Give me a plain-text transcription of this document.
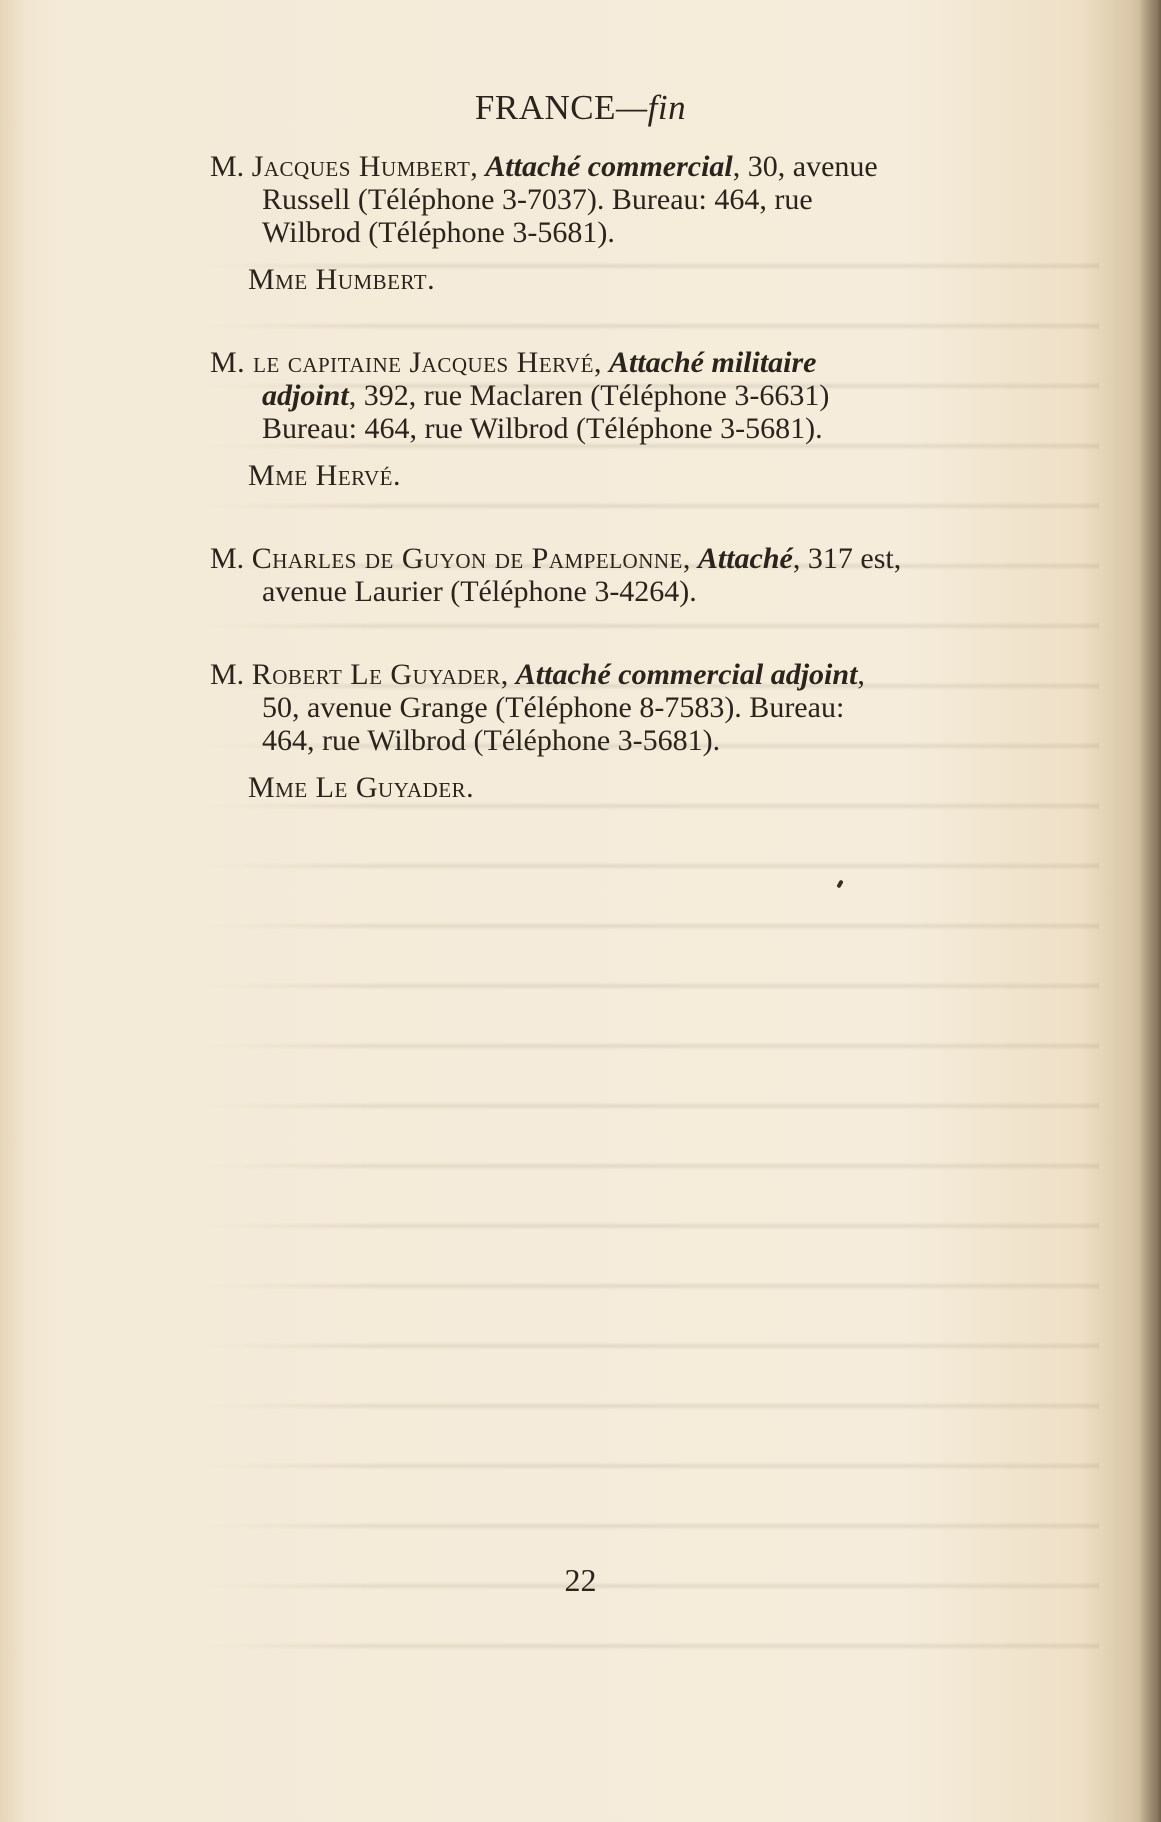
FRANCE—fin
M. Jacques Humbert, Attaché commercial, 30, avenue
Russell (Téléphone 3-7037). Bureau: 464, rue
Wilbrod (Téléphone 3-5681).
Mme Humbert.
M. le capitaine Jacques Hervé, Attaché militaire
adjoint, 392, rue Maclaren (Téléphone 3-6631)
Bureau: 464, rue Wilbrod (Téléphone 3-5681).
Mme Hervé.
M. Charles de Guyon de Pampelonne, Attaché, 317 est,
avenue Laurier (Téléphone 3-4264).
M. Robert Le Guyader, Attaché commercial adjoint,
50, avenue Grange (Téléphone 8-7583). Bureau:
464, rue Wilbrod (Téléphone 3-5681).
Mme Le Guyader.
22
